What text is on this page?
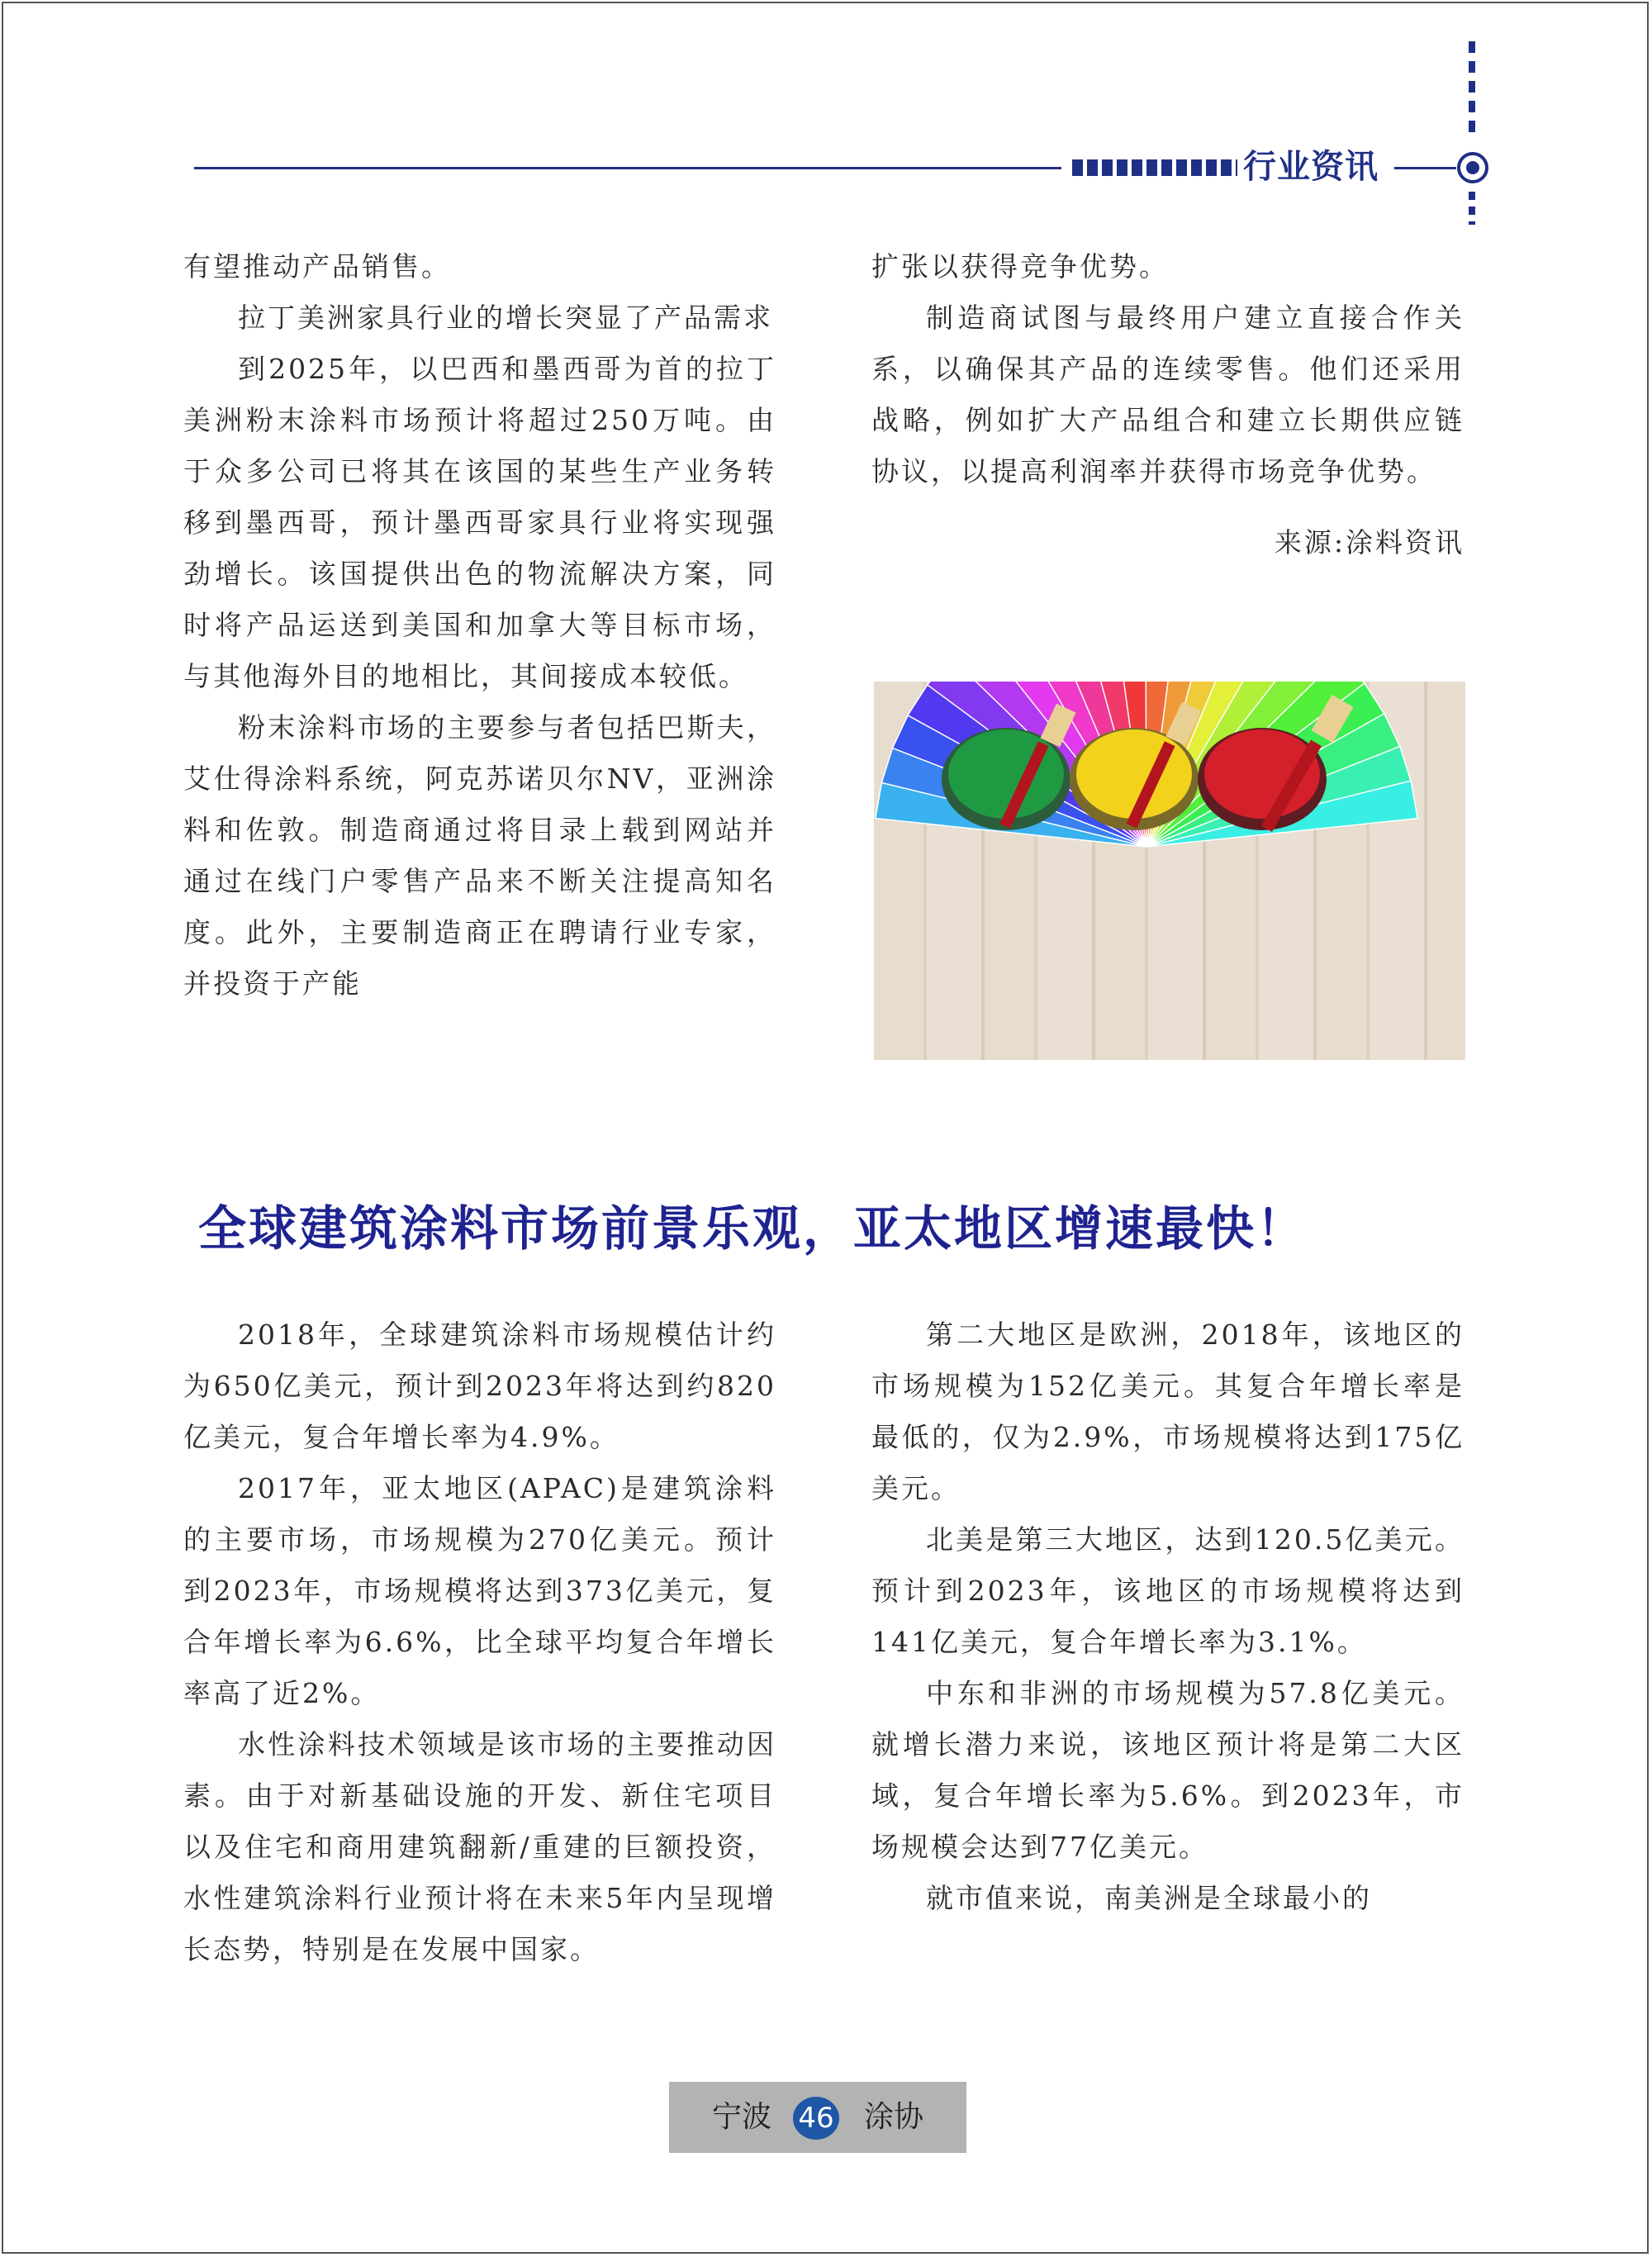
行业资讯

有望推动产品销售。

拉丁美洲家具行业的增长突显了产品需求

到2025年，以巴西和墨西哥为首的拉丁美洲粉末涂料市场预计将超过250万吨。由于众多公司已将其在该国的某些生产业务转移到墨西哥，预计墨西哥家具行业将实现强劲增长。该国提供出色的物流解决方案，同时将产品运送到美国和加拿大等目标市场，与其他海外目的地相比，其间接成本较低。

粉末涂料市场的主要参与者包括巴斯夫，艾仕得涂料系统，阿克苏诺贝尔NV，亚洲涂料和佐敦。制造商通过将目录上载到网站并通过在线门户零售产品来不断关注提高知名度。此外，主要制造商正在聘请行业专家，并投资于产能

扩张以获得竞争优势。

制造商试图与最终用户建立直接合作关系，以确保其产品的连续零售。他们还采用战略，例如扩大产品组合和建立长期供应链协议，以提高利润率并获得市场竞争优势。

来源:涂料资讯

全球建筑涂料市场前景乐观，亚太地区增速最快！

2018年，全球建筑涂料市场规模估计约为650亿美元，预计到2023年将达到约820亿美元，复合年增长率为4.9%。

2017年，亚太地区(APAC)是建筑涂料的主要市场，市场规模为270亿美元。预计到2023年，市场规模将达到373亿美元，复合年增长率为6.6%，比全球平均复合年增长率高了近2%。

水性涂料技术领域是该市场的主要推动因素。由于对新基础设施的开发、新住宅项目以及住宅和商用建筑翻新/重建的巨额投资，水性建筑涂料行业预计将在未来5年内呈现增长态势，特别是在发展中国家。

第二大地区是欧洲，2018年，该地区的市场规模为152亿美元。其复合年增长率是最低的，仅为2.9%，市场规模将达到175亿美元。

北美是第三大地区，达到120.5亿美元。预计到2023年，该地区的市场规模将达到141亿美元，复合年增长率为3.1%。

中东和非洲的市场规模为57.8亿美元。就增长潜力来说，该地区预计将是第二大区域，复合年增长率为5.6%。到2023年，市场规模会达到77亿美元。

就市值来说，南美洲是全球最小的

宁波 46 涂协
